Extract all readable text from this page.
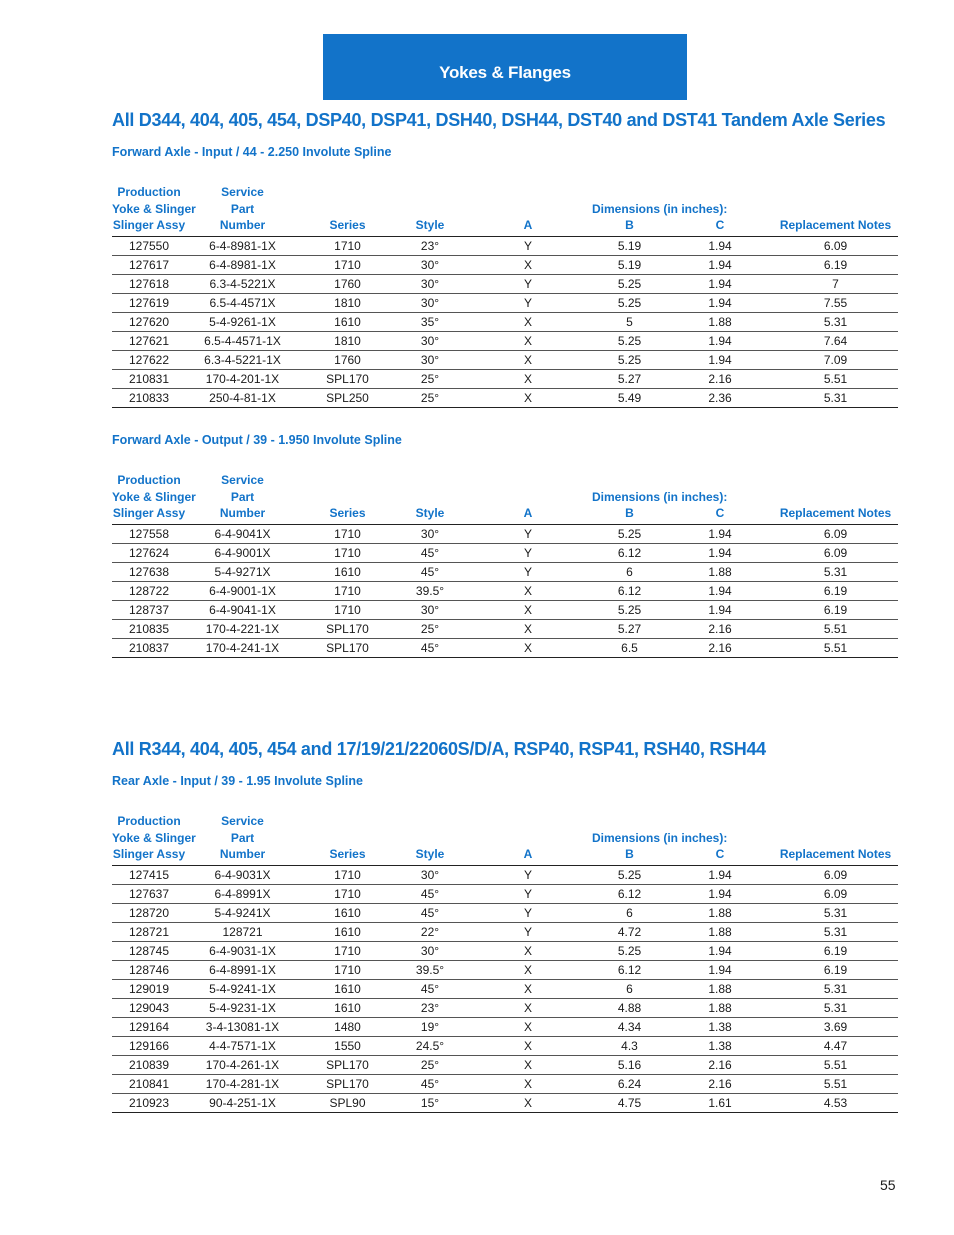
Yokes & Flanges
All D344, 404, 405, 454, DSP40, DSP41, DSH40, DSH44, DST40 and DST41 Tandem Axle Series
Forward Axle - Input / 44 - 2.250 Involute Spline
Production
Yoke & Slinger
Slinger Assy	Service
Part
Number	Series	Style	A	Dimensions (in inches):
B	C	Replacement Notes
127550	6-4-8981-1X	1710	23°	Y	5.19	1.94	6.09
127617	6-4-8981-1X	1710	30°	X	5.19	1.94	6.19
127618	6.3-4-5221X	1760	30°	Y	5.25	1.94	7
127619	6.5-4-4571X	1810	30°	Y	5.25	1.94	7.55
127620	5-4-9261-1X	1610	35°	X	5	1.88	5.31
127621	6.5-4-4571-1X	1810	30°	X	5.25	1.94	7.64
127622	6.3-4-5221-1X	1760	30°	X	5.25	1.94	7.09
210831	170-4-201-1X	SPL170	25°	X	5.27	2.16	5.51
210833	250-4-81-1X	SPL250	25°	X	5.49	2.36	5.31
Forward Axle - Output / 39 - 1.950 Involute Spline
Production
Yoke & Slinger
Slinger Assy	Service
Part
Number	Series	Style	A	Dimensions (in inches):
B	C	Replacement Notes
127558	6-4-9041X	1710	30°	Y	5.25	1.94	6.09
127624	6-4-9001X	1710	45°	Y	6.12	1.94	6.09
127638	5-4-9271X	1610	45°	Y	6	1.88	5.31
128722	6-4-9001-1X	1710	39.5°	X	6.12	1.94	6.19
128737	6-4-9041-1X	1710	30°	X	5.25	1.94	6.19
210835	170-4-221-1X	SPL170	25°	X	5.27	2.16	5.51
210837	170-4-241-1X	SPL170	45°	X	6.5	2.16	5.51
All R344, 404, 405, 454 and 17/19/21/22060S/D/A, RSP40, RSP41, RSH40, RSH44
Rear Axle - Input / 39 - 1.95 Involute Spline
Production
Yoke & Slinger
Slinger Assy	Service
Part
Number	Series	Style	A	Dimensions (in inches):
B	C	Replacement Notes
127415	6-4-9031X	1710	30°	Y	5.25	1.94	6.09
127637	6-4-8991X	1710	45°	Y	6.12	1.94	6.09
128720	5-4-9241X	1610	45°	Y	6	1.88	5.31
128721	128721	1610	22°	Y	4.72	1.88	5.31
128745	6-4-9031-1X	1710	30°	X	5.25	1.94	6.19
128746	6-4-8991-1X	1710	39.5°	X	6.12	1.94	6.19
129019	5-4-9241-1X	1610	45°	X	6	1.88	5.31
129043	5-4-9231-1X	1610	23°	X	4.88	1.88	5.31
129164	3-4-13081-1X	1480	19°	X	4.34	1.38	3.69
129166	4-4-7571-1X	1550	24.5°	X	4.3	1.38	4.47
210839	170-4-261-1X	SPL170	25°	X	5.16	2.16	5.51
210841	170-4-281-1X	SPL170	45°	X	6.24	2.16	5.51
210923	90-4-251-1X	SPL90	15°	X	4.75	1.61	4.53
55
